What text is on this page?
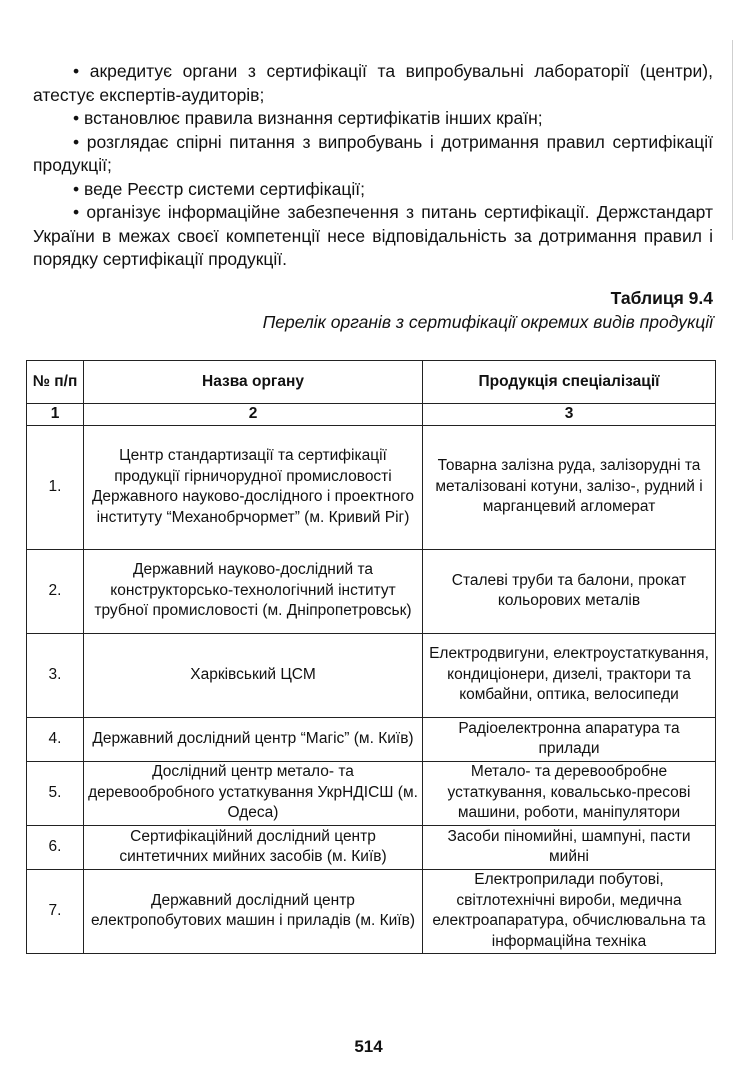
• акредитує органи з сертифікації та випробувальні лабораторії (центри), атестує експертів-аудиторів;

• встановлює правила визнання сертифікатів інших країн;

• розглядає спірні питання з випробувань і дотримання правил сертифікації продукції;

• веде Реєстр системи сертифікації;

• організує інформаційне забезпечення з питань сертифікації. Держстандарт України в межах своєї компетенції несе відповідальність за дотримання правил і порядку сертифікації продукції.

Таблиця 9.4
Перелік органів з сертифікації окремих видів продукції
№ п/п	Назва органу	Продукція спеціалізації
1	2	3
1.	Центр стандартизації та сертифікації продукції гірничорудної промисловості Державного науково-дослідного і проектного інституту “Механобрчормет” (м. Кривий Ріг)	Товарна залізна руда, залізорудні та металізовані котуни, залізо-, рудний і марганцевий агломерат
2.	Державний науково-дослідний та конструкторсько-технологічний інститут трубної промисловості (м. Дніпропетровськ)	Сталеві труби та балони, прокат кольорових металів
3.	Харківський ЦСМ	Електродвигуни, електроустаткування, кондиціонери, дизелі, трактори та комбайни, оптика, велосипеди
4.	Державний дослідний центр “Магіс” (м. Київ)	Радіоелектронна апаратура та прилади
5.	Дослідний центр метало- та деревообробного устаткування УкрНДІСШ (м. Одеса)	Метало- та деревообробне устаткування, ковальсько-пресові машини, роботи, маніпулятори
6.	Сертифікаційний дослідний центр синтетичних мийних засобів (м. Київ)	Засоби піномийні, шампуні, пасти мийні
7.	Державний дослідний центр електропобутових машин і приладів (м. Київ)	Електроприлади побутові, світлотехнічні вироби, медична електроапаратура, обчислювальна та інформаційна техніка
514
